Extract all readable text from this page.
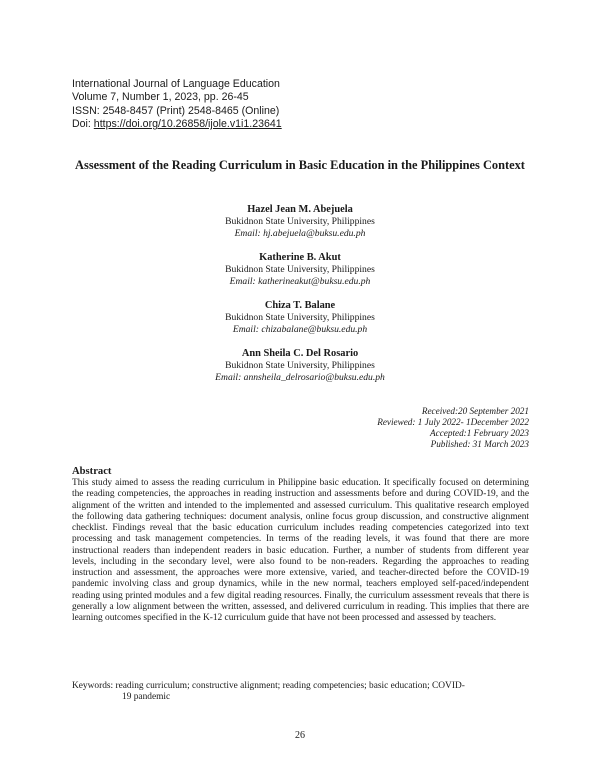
International Journal of Language Education
Volume 7, Number 1, 2023, pp. 26-45
ISSN: 2548-8457 (Print) 2548-8465 (Online)
Doi: https://doi.org/10.26858/ijole.v1i1.23641
Assessment of the Reading Curriculum in Basic Education in the Philippines Context
Hazel Jean M. Abejuela
Bukidnon State University, Philippines
Email: hj.abejuela@buksu.edu.ph
Katherine B. Akut
Bukidnon State University, Philippines
Email: katherineakut@buksu.edu.ph
Chiza T. Balane
Bukidnon State University, Philippines
Email: chizabalane@buksu.edu.ph
Ann Sheila C. Del Rosario
Bukidnon State University, Philippines
Email: annsheila_delrosario@buksu.edu.ph
Received:20 September 2021
Reviewed: 1 July 2022- 1December 2022
Accepted:1 February 2023
Published: 31 March 2023
Abstract
This study aimed to assess the reading curriculum in Philippine basic education. It specifically focused on determining the reading competencies, the approaches in reading instruction and assessments before and during COVID-19, and the alignment of the written and intended to the implemented and assessed curriculum. This qualitative research employed the following data gathering techniques: document analysis, online focus group discussion, and constructive alignment checklist. Findings reveal that the basic education curriculum includes reading competencies categorized into text processing and task management competencies. In terms of the reading levels, it was found that there are more instructional readers than independent readers in basic education. Further, a number of students from different year levels, including in the secondary level, were also found to be non-readers. Regarding the approaches to reading instruction and assessment, the approaches were more extensive, varied, and teacher-directed before the COVID-19 pandemic involving class and group dynamics, while in the new normal, teachers employed self-paced/independent reading using printed modules and a few digital reading resources. Finally, the curriculum assessment reveals that there is generally a low alignment between the written, assessed, and delivered curriculum in reading. This implies that there are learning outcomes specified in the K-12 curriculum guide that have not been processed and assessed by teachers.
Keywords: reading curriculum; constructive alignment; reading competencies; basic education; COVID-
19 pandemic
26
